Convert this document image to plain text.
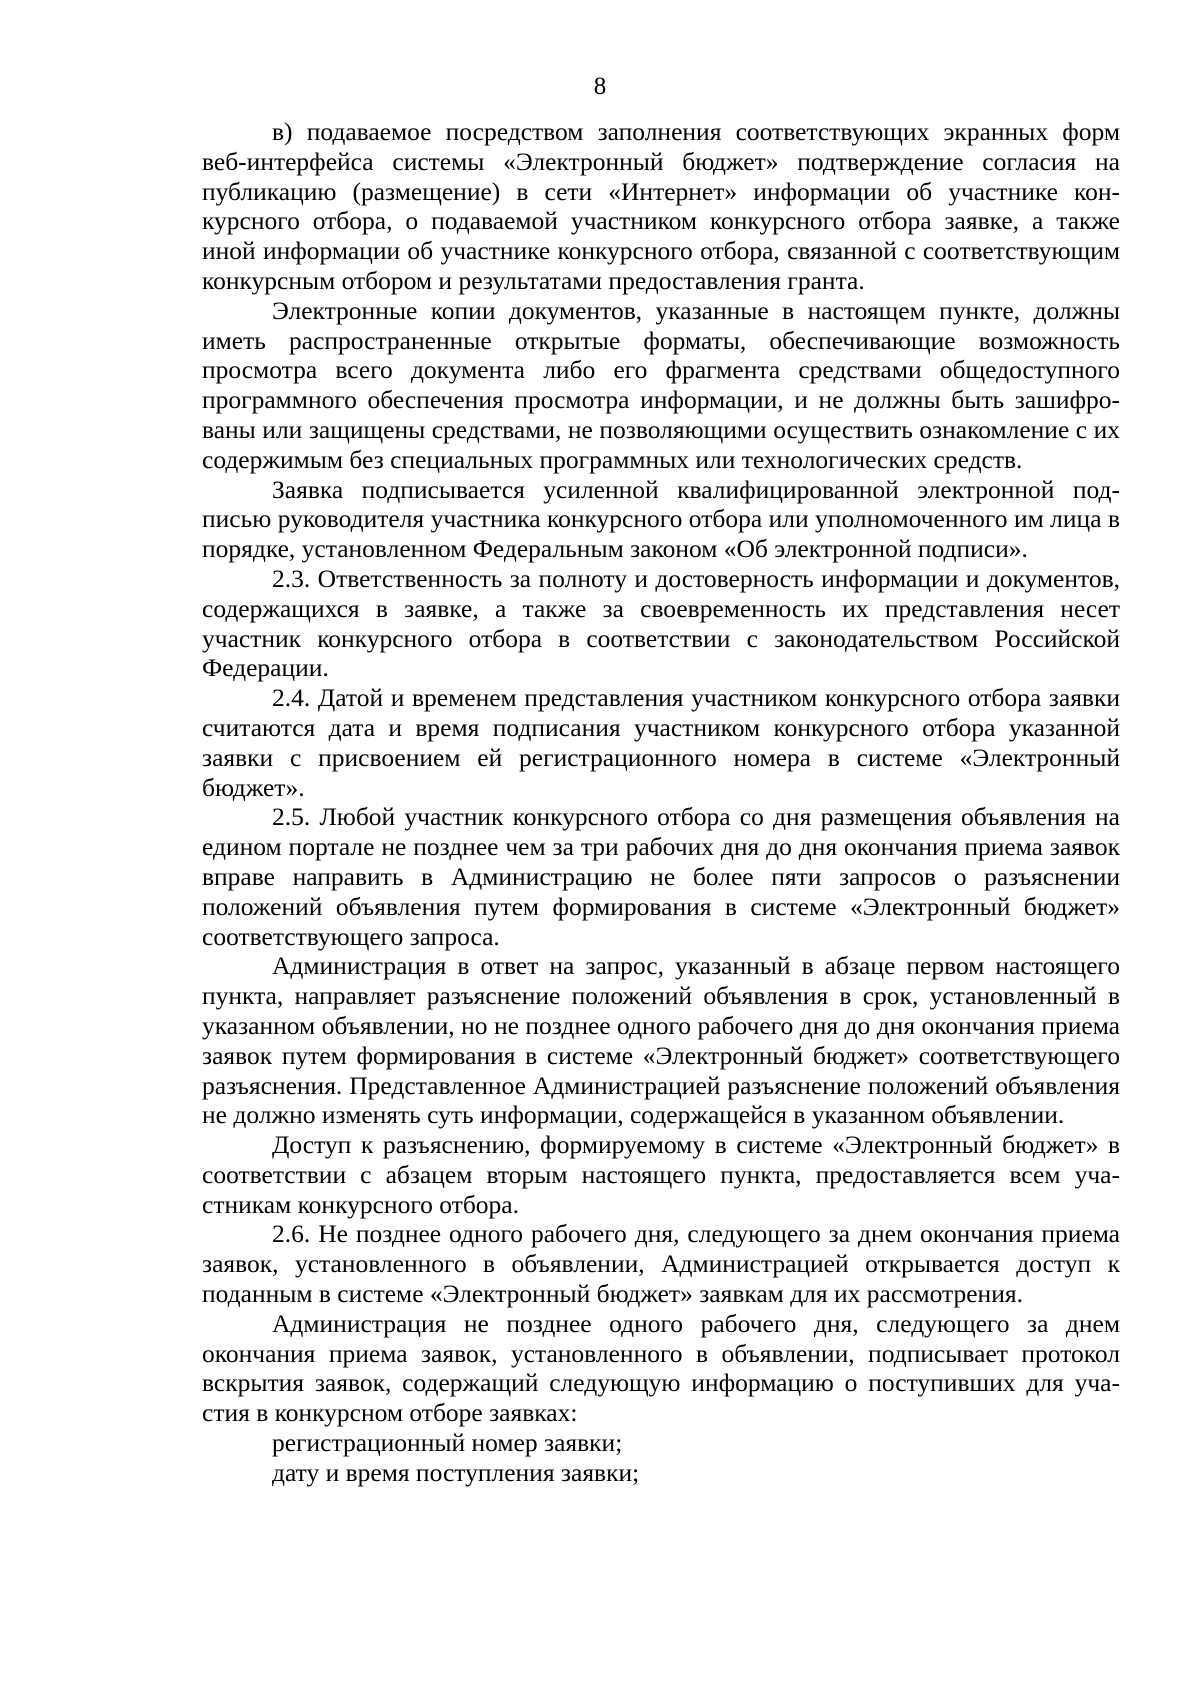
8

в) подаваемое посредством заполнения соответствующих экранных форм веб-интерфейса системы «Электронный бюджет» подтверждение согласия на публикацию (размещение) в сети «Интернет» информации об участнике конкурсного отбора, о подаваемой участником конкурсного отбора заявке, а также иной информации об участнике конкурсного отбора, связанной с соответствующим конкурсным отбором и результатами предоставления гранта.

Электронные копии документов, указанные в настоящем пункте, должны иметь распространенные открытые форматы, обеспечивающие возможность просмотра всего документа либо его фрагмента средствами общедоступного программного обеспечения просмотра информации, и не должны быть зашифрованы или защищены средствами, не позволяющими осуществить ознакомление с их содержимым без специальных программных или технологических средств.

Заявка подписывается усиленной квалифицированной электронной подписью руководителя участника конкурсного отбора или уполномоченного им лица в порядке, установленном Федеральным законом «Об электронной подписи».

2.3. Ответственность за полноту и достоверность информации и документов, содержащихся в заявке, а также за своевременность их представления несет участник конкурсного отбора в соответствии с законодательством Российской Федерации.

2.4. Датой и временем представления участником конкурсного отбора заявки считаются дата и время подписания участником конкурсного отбора указанной заявки с присвоением ей регистрационного номера в системе «Электронный бюджет».

2.5. Любой участник конкурсного отбора со дня размещения объявления на едином портале не позднее чем за три рабочих дня до дня окончания приема заявок вправе направить в Администрацию не более пяти запросов о разъяснении положений объявления путем формирования в системе «Электронный бюджет» соответствующего запроса.

Администрация в ответ на запрос, указанный в абзаце первом настоящего пункта, направляет разъяснение положений объявления в срок, установленный в указанном объявлении, но не позднее одного рабочего дня до дня окончания приема заявок путем формирования в системе «Электронный бюджет» соответствующего разъяснения. Представленное Администрацией разъяснение положений объявления не должно изменять суть информации, содержащейся в указанном объявлении.

Доступ к разъяснению, формируемому в системе «Электронный бюджет» в соответствии с абзацем вторым настоящего пункта, предоставляется всем участникам конкурсного отбора.

2.6. Не позднее одного рабочего дня, следующего за днем окончания приема заявок, установленного в объявлении, Администрацией открывается доступ к поданным в системе «Электронный бюджет» заявкам для их рассмотрения.

Администрация не позднее одного рабочего дня, следующего за днем окончания приема заявок, установленного в объявлении, подписывает протокол вскрытия заявок, содержащий следующую информацию о поступивших для участия в конкурсном отборе заявках:

регистрационный номер заявки;

дату и время поступления заявки;
